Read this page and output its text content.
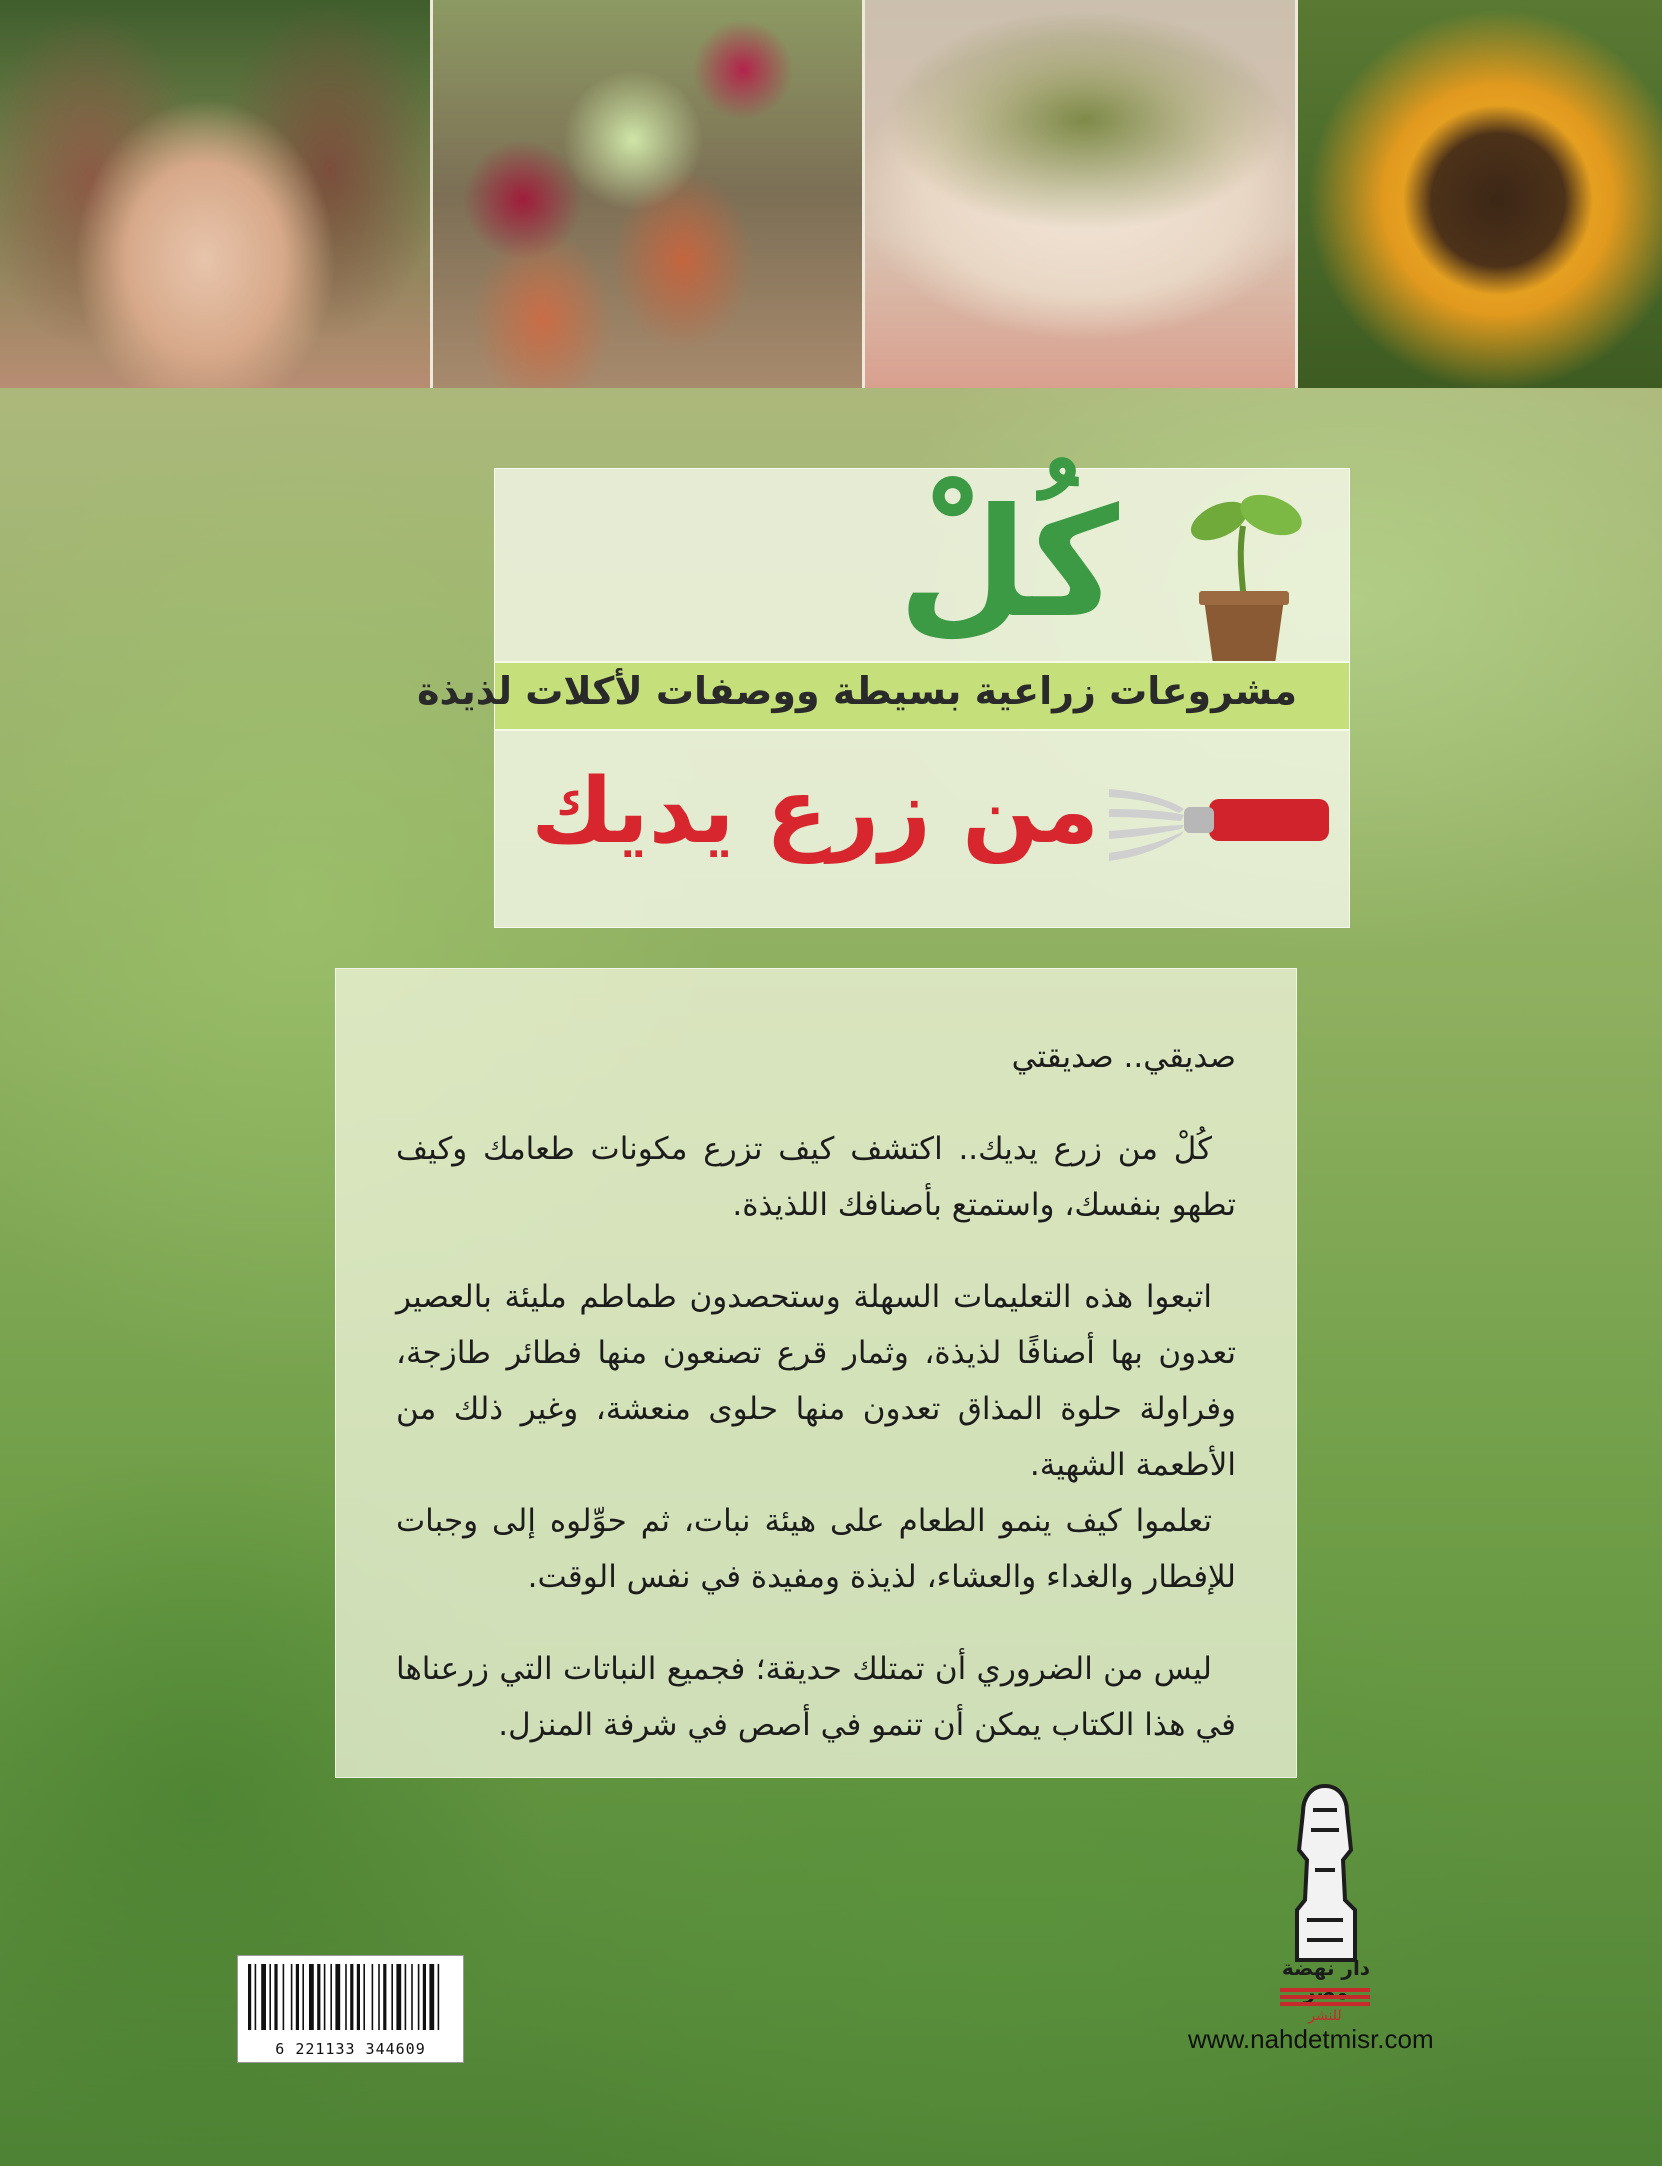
كُلْ
مشروعات زراعية بسيطة ووصفات لأكلات لذيذة
من زرع يديك

صديقي.. صديقتي

كُلْ من زرع يديك.. اكتشف كيف تزرع مكونات طعامك وكيف تطهو بنفسك، واستمتع بأصنافك اللذيذة.

اتبعوا هذه التعليمات السهلة وستحصدون طماطم مليئة بالعصير تعدون بها أصنافًا لذيذة، وثمار قرع تصنعون منها فطائر طازجة، وفراولة حلوة المذاق تعدون منها حلوى منعشة، وغير ذلك من الأطعمة الشهية.

تعلموا كيف ينمو الطعام على هيئة نبات، ثم حوِّلوه إلى وجبات للإفطار والغداء والعشاء، لذيذة ومفيدة في نفس الوقت.

ليس من الضروري أن تمتلك حديقة؛ فجميع النباتات التي زرعناها في هذا الكتاب يمكن أن تنمو في أصص في شرفة المنزل.

6 221133 344609
دار نهضة
للنشر
www.nahdetmisr.com
